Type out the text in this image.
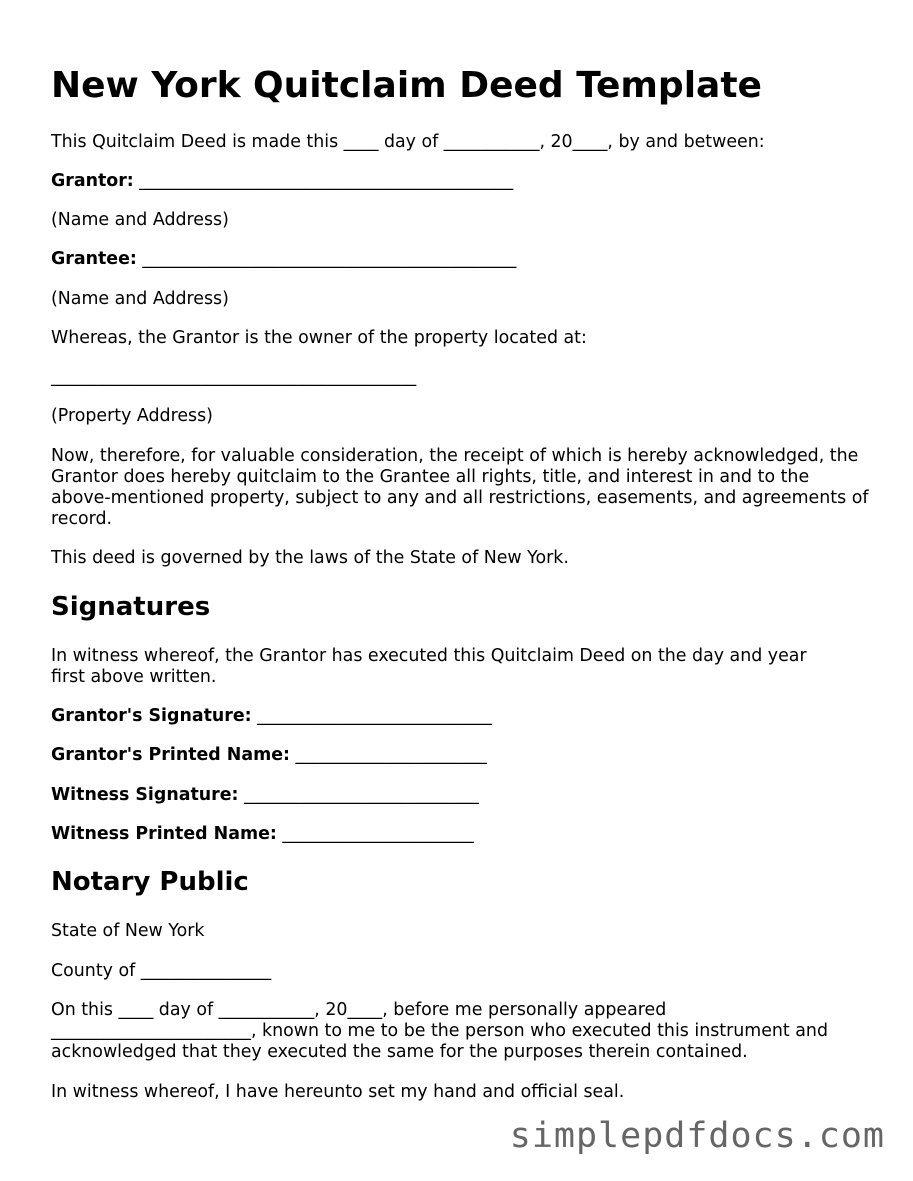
New York Quitclaim Deed Template

This Quitclaim Deed is made this ____ day of ___________, 20____, by and between:

Grantor: ___________________________________________

(Name and Address)

Grantee: ___________________________________________

(Name and Address)

Whereas, the Grantor is the owner of the property located at:

__________________________________________

(Property Address)

Now, therefore, for valuable consideration, the receipt of which is hereby acknowledged, the Grantor does hereby quitclaim to the Grantee all rights, title, and interest in and to the above-mentioned property, subject to any and all restrictions, easements, and agreements of record.

This deed is governed by the laws of the State of New York.

Signatures

In witness whereof, the Grantor has executed this Quitclaim Deed on the day and year first above written.

Grantor's Signature: ___________________________

Grantor's Printed Name: ______________________

Witness Signature: ___________________________

Witness Printed Name: ______________________

Notary Public

State of New York

County of _______________

On this ____ day of ___________, 20____, before me personally appeared _______________________, known to me to be the person who executed this instrument and acknowledged that they executed the same for the purposes therein contained.

In witness whereof, I have hereunto set my hand and official seal.

simplepdfdocs.com
